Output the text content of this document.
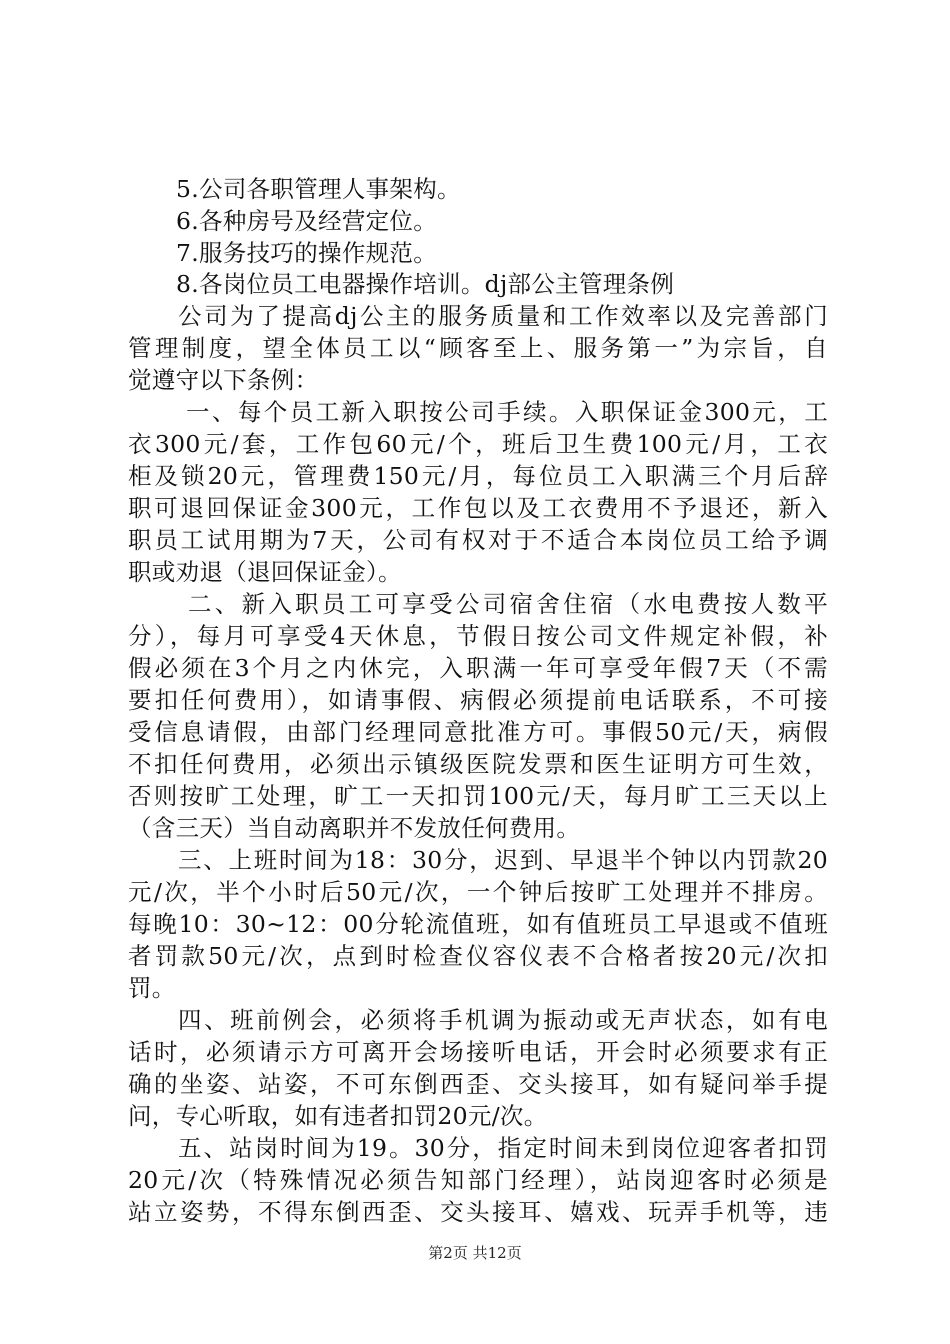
5.公司各职管理人事架构。
6.各种房号及经营定位。
7.服务技巧的操作规范。
8.各岗位员工电器操作培训。dj部公主管理条例
公司为了提高dj公主的服务质量和工作效率以及完善部门
管理制度，望全体员工以“顾客至上、服务第一”为宗旨，自
觉遵守以下条例：
一、每个员工新入职按公司手续。入职保证金300元，工
衣300元/套，工作包60元/个，班后卫生费100元/月，工衣
柜及锁20元，管理费150元/月，每位员工入职满三个月后辞
职可退回保证金300元，工作包以及工衣费用不予退还，新入
职员工试用期为7天，公司有权对于不适合本岗位员工给予调
职或劝退（退回保证金）。
二、新入职员工可享受公司宿舍住宿（水电费按人数平
分），每月可享受4天休息，节假日按公司文件规定补假，补
假必须在3个月之内休完，入职满一年可享受年假7天（不需
要扣任何费用），如请事假、病假必须提前电话联系，不可接
受信息请假，由部门经理同意批准方可。事假50元/天，病假
不扣任何费用，必须出示镇级医院发票和医生证明方可生效，
否则按旷工处理，旷工一天扣罚100元/天，每月旷工三天以上
（含三天）当自动离职并不发放任何费用。
三、上班时间为18：30分，迟到、早退半个钟以内罚款20
元/次，半个小时后50元/次，一个钟后按旷工处理并不排房。
每晚10：30~12：00分轮流值班，如有值班员工早退或不值班
者罚款50元/次，点到时检查仪容仪表不合格者按20元/次扣
罚。
四、班前例会，必须将手机调为振动或无声状态，如有电
话时，必须请示方可离开会场接听电话，开会时必须要求有正
确的坐姿、站姿，不可东倒西歪、交头接耳，如有疑问举手提
问，专心听取，如有违者扣罚20元/次。
五、站岗时间为19。30分，指定时间未到岗位迎客者扣罚
20元/次（特殊情况必须告知部门经理），站岗迎客时必须是
站立姿势，不得东倒西歪、交头接耳、嬉戏、玩弄手机等，违
第2页 共12页
